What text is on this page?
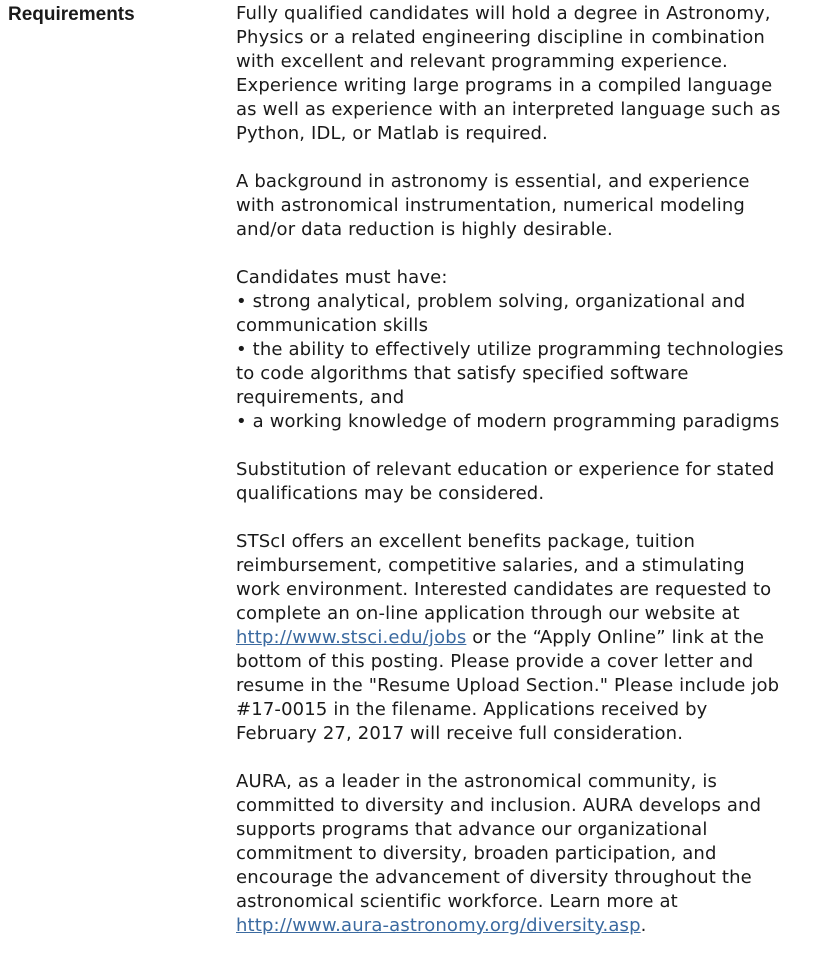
Requirements	Fully qualified candidates will hold a degree in Astronomy,
Physics or a related engineering discipline in combination
with excellent and relevant programming experience.
Experience writing large programs in a compiled language
as well as experience with an interpreted language such as
Python, IDL, or Matlab is required.
A background in astronomy is essential, and experience
with astronomical instrumentation, numerical modeling
and/or data reduction is highly desirable.
Candidates must have:
• strong analytical, problem solving, organizational and
communication skills
• the ability to effectively utilize programming technologies
to code algorithms that satisfy specified software
requirements, and
• a working knowledge of modern programming paradigms
Substitution of relevant education or experience for stated
qualifications may be considered.
STScI offers an excellent benefits package, tuition
reimbursement, competitive salaries, and a stimulating
work environment. Interested candidates are requested to
complete an on-line application through our website at
http://www.stsci.edu/jobs or the “Apply Online” link at the
bottom of this posting. Please provide a cover letter and
resume in the "Resume Upload Section." Please include job
#17-0015 in the filename. Applications received by
February 27, 2017 will receive full consideration.
AURA, as a leader in the astronomical community, is
committed to diversity and inclusion. AURA develops and
supports programs that advance our organizational
commitment to diversity, broaden participation, and
encourage the advancement of diversity throughout the
astronomical scientific workforce. Learn more at
http://www.aura-astronomy.org/diversity.asp.
